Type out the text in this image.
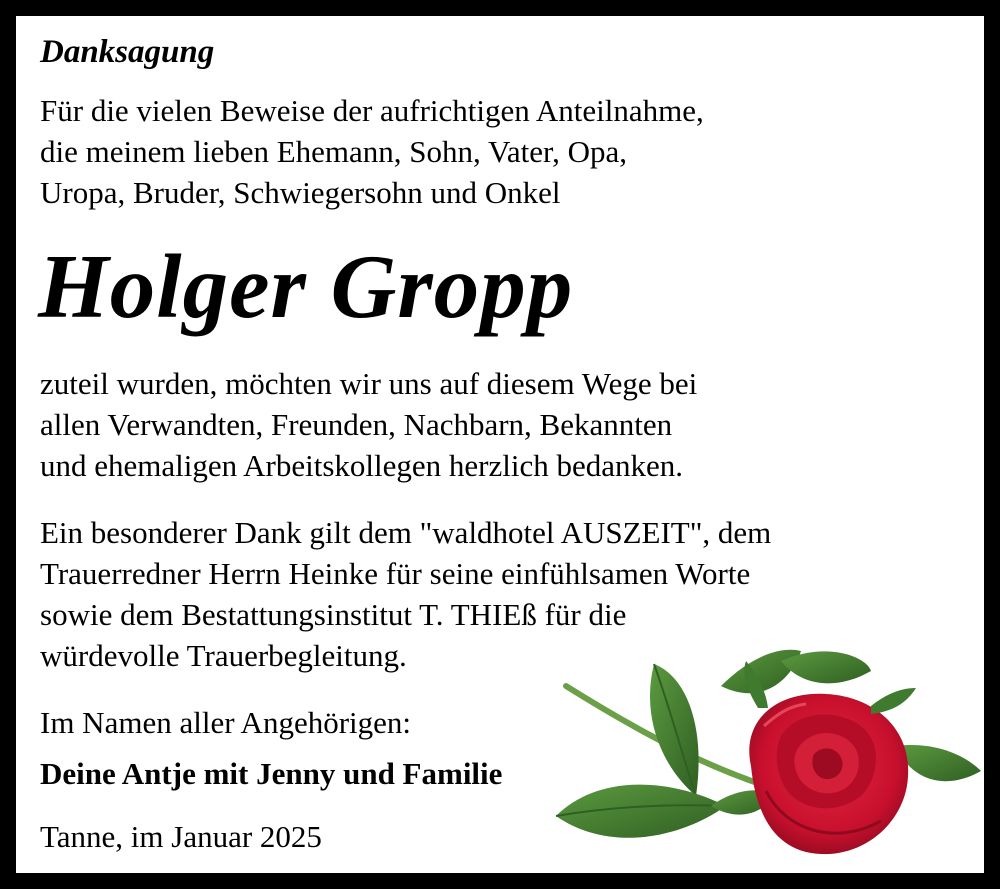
Danksagung

Für die vielen Beweise der aufrichtigen Anteilnahme,
die meinem lieben Ehemann, Sohn, Vater, Opa,
Uropa, Bruder, Schwiegersohn und Onkel

Holger Gropp

zuteil wurden, möchten wir uns auf diesem Wege bei
allen Verwandten, Freunden, Nachbarn, Bekannten
und ehemaligen Arbeitskollegen herzlich bedanken.

Ein besonderer Dank gilt dem "waldhotel AUSZEIT", dem
Trauerredner Herrn Heinke für seine einfühlsamen Worte
sowie dem Bestattungsinstitut T. THIEß für die
würdevolle Trauerbegleitung.

Im Namen aller Angehörigen:

Deine Antje mit Jenny und Familie

Tanne, im Januar 2025
